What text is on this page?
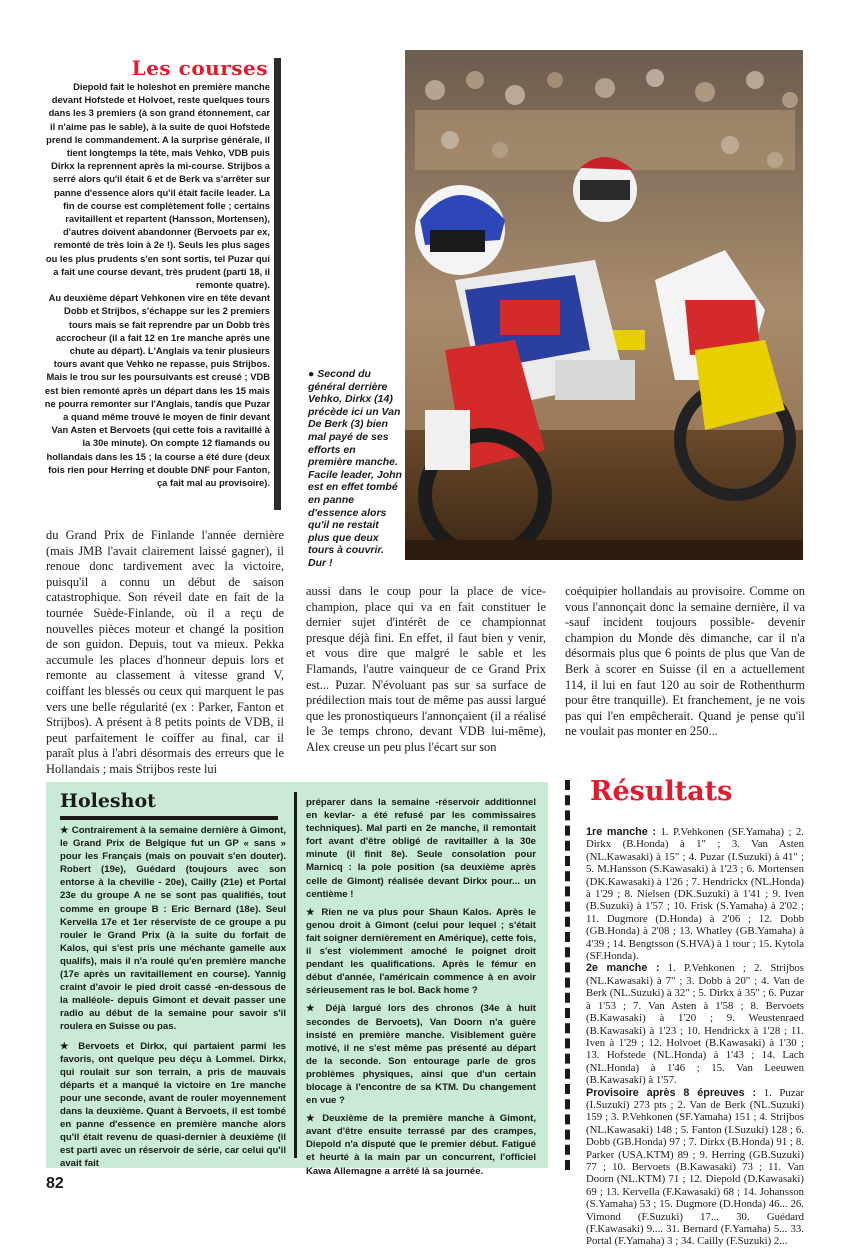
Les courses

Diepold fait le holeshot en première manche devant Hofstede et Holvoet, reste quelques tours dans les 3 premiers (à son grand étonnement, car il n'aime pas le sable), à la suite de quoi Hofstede prend le commandement. A la surprise générale, il tient longtemps la tête, mais Vehko, VDB puis Dirkx la reprennent après la mi-course. Strijbos a serré alors qu'il était 6 et de Berk va s'arrêter sur panne d'essence alors qu'il était facile leader. La fin de course est complètement folle ; certains ravitaillent et repartent (Hansson, Mortensen), d'autres doivent abandonner (Bervoets par ex, remonté de très loin à 2e !). Seuls les plus sages ou les plus prudents s'en sont sortis, tel Puzar qui a fait une course devant, très prudent (parti 18, il remonte quatre).

Au deuxième départ Vehkonen vire en tête devant Dobb et Strijbos, s'échappe sur les 2 premiers tours mais se fait reprendre par un Dobb très accrocheur (il a fait 12 en 1re manche après une chute au départ). L'Anglais va tenir plusieurs tours avant que Vehko ne repasse, puis Strijbos. Mais le trou sur les poursuivants est creusé ; VDB est bien remonté après un départ dans les 15 mais ne pourra remonter sur l'Anglais, tandis que Puzar a quand même trouvé le moyen de finir devant Van Asten et Bervoets (qui cette fois a ravitaillé à la 30e minute). On compte 12 flamands ou hollandais dans les 15 ; la course a été dure (deux fois rien pour Herring et double DNF pour Fanton, ça fait mal au provisoire).

● Second du général derrière Vehko, Dirkx (14) précède ici un Van De Berk (3) bien mal payé de ses efforts en première manche. Facile leader, John est en effet tombé en panne d'essence alors qu'il ne restait plus que deux tours à couvrir. Dur !
du Grand Prix de Finlande l'année dernière (mais JMB l'avait clairement laissé gagner), il renoue donc tardivement avec la victoire, puisqu'il a connu un début de saison catastrophique. Son réveil date en fait de la tournée Suède-Finlande, où il a reçu de nouvelles pièces moteur et changé la position de son guidon. Depuis, tout va mieux. Pekka accumule les places d'honneur depuis lors et remonte au classement à vitesse grand V, coiffant les blessés ou ceux qui marquent le pas vers une belle régularité (ex : Parker, Fanton et Strijbos). A présent à 8 petits points de VDB, il peut parfaitement le coiffer au final, car il paraît plus à l'abri désormais des erreurs que le Hollandais ; mais Strijbos reste lui
aussi dans le coup pour la place de vice-champion, place qui va en fait constituer le dernier sujet d'intérêt de ce championnat presque déjà fini. En effet, il faut bien y venir, et vous dire que malgré le sable et les Flamands, l'autre vainqueur de ce Grand Prix est... Puzar. N'évoluant pas sur sa surface de prédilection mais tout de même pas aussi largué que les pronostiqueurs l'annonçaient (il a réalisé le 3e temps chrono, devant VDB lui-même), Alex creuse un peu plus l'écart sur son
coéquipier hollandais au provisoire. Comme on vous l'annonçait donc la semaine dernière, il va -sauf incident toujours possible- devenir champion du Monde dès dimanche, car il n'a désormais plus que 6 points de plus que Van de Berk à scorer en Suisse (il en a actuellement 114, il lui en faut 120 au soir de Rothenthurm pour être tranquille). Et franchement, je ne vois pas qui l'en empêcherait. Quand je pense qu'il ne voulait pas monter en 250...
Holeshot

★ Contrairement à la semaine dernière à Gimont, le Grand Prix de Belgique fut un GP « sans » pour les Français (mais on pouvait s'en douter). Robert (19e), Guédard (toujours avec son entorse à la cheville - 20e), Cailly (21e) et Portal 23e du groupe A ne se sont pas qualifiés, tout comme en groupe B : Eric Bernard (18e). Seul Kervella 17e et 1er réserviste de ce groupe a pu rouler le Grand Prix (à la suite du forfait de Kalos, qui s'est pris une méchante gamelle aux qualifs), mais il n'a roulé qu'en première manche (17e après un ravitaillement en course). Yannig craint d'avoir le pied droit cassé -en-dessous de la malléole- depuis Gimont et devait passer une radio au début de la semaine pour savoir s'il roulera en Suisse ou pas.

★ Bervoets et Dirkx, qui partaient parmi les favoris, ont quelque peu déçu à Lommel. Dirkx, qui roulait sur son terrain, a pris de mauvais départs et a manqué la victoire en 1re manche pour une seconde, avant de rouler moyennement dans la deuxième. Quant à Bervoets, il est tombé en panne d'essence en première manche alors qu'il était revenu de quasi-dernier à deuxième (il est parti avec un réservoir de série, car celui qu'il avait fait

préparer dans la semaine -réservoir additionnel en kevlar- a été refusé par les commissaires techniques). Mal parti en 2e manche, il remontait fort avant d'être obligé de ravitailler à la 30e minute (il finit 8e). Seule consolation pour Marnicq : la pole position (sa deuxième après celle de Gimont) réalisée devant Dirkx pour... un centième !

★ Rien ne va plus pour Shaun Kalos. Après le genou droit à Gimont (celui pour lequel ; s'était fait soigner dernièrement en Amérique), cette fois, il s'est violemment amoché le poignet droit pendant les qualifications. Après le fémur en début d'année, l'américain commence à en avoir sérieusement ras le bol. Back home ?

★ Déjà largué lors des chronos (34e à huit secondes de Bervoets), Van Doorn n'a guère insisté en première manche. Visiblement guère motivé, il ne s'est même pas présenté au départ de la seconde. Son entourage parle de gros problèmes physiques, ainsi que d'un certain blocage à l'encontre de sa KTM. Du changement en vue ?

★ Deuxième de la première manche à Gimont, avant d'être ensuite terrassé par des crampes, Diepold n'a disputé que le premier début. Fatigué et heurté à la main par un concurrent, l'officiel Kawa Allemagne a arrêté là sa journée.

Résultats

1re manche : 1. P.Vehkonen (SF.Yamaha) ; 2. Dirkx (B.Honda) à 1" ; 3. Van Asten (NL.Kawasaki) à 15" ; 4. Puzar (I.Suzuki) à 41" ; 5. M.Hansson (S.Kawasaki) à 1'23 ; 6. Mortensen (DK.Kawasaki) à 1'26 ; 7. Hendrickx (NL.Honda) à 1'29 ; 8. Nielsen (DK.Suzuki) à 1'41 ; 9. Iven (B.Suzuki) à 1'57 ; 10. Frisk (S.Yamaha) à 2'02 ; 11. Dugmore (D.Honda) à 2'06 ; 12. Dobb (GB.Honda) à 2'08 ; 13. Whatley (GB.Yamaha) à 4'39 ; 14. Bengtsson (S.HVA) à 1 tour ; 15. Kytola (SF.Honda).

2e manche : 1. P.Vehkonen ; 2. Strijbos (NL.Kawasaki) à 7" ; 3. Dobb à 20" ; 4. Van de Berk (NL.Suzuki) à 32" ; 5. Dirkx à 35" ; 6. Puzar à 1'53 ; 7. Van Asten à 1'58 ; 8. Bervoets (B.Kawasaki) à 1'20 ; 9. Weustenraed (B.Kawasaki) à 1'23 ; 10. Hendrickx à 1'28 ; 11. Iven à 1'29 ; 12. Holvoet (B.Kawasaki) à 1'30 ; 13. Hofstede (NL.Honda) à 1'43 ; 14. Lach (NL.Honda) à 1'46 ; 15. Van Leeuwen (B.Kawasaki) à 1'57.

Provisoire après 8 épreuves : 1. Puzar (I.Suzuki) 273 pts ; 2. Van de Berk (NL.Suzuki) 159 ; 3. P.Vehkonen (SF.Yamaha) 151 ; 4. Strijbos (NL.Kawasaki) 148 ; 5. Fanton (I.Suzuki) 128 ; 6. Dobb (GB.Honda) 97 ; 7. Dirkx (B.Honda) 91 ; 8. Parker (USA.KTM) 89 ; 9. Herring (GB.Suzuki) 77 ; 10. Bervoets (B.Kawasaki) 73 ; 11. Van Doorn (NL.KTM) 71 ; 12. Diepold (D.Kawasaki) 69 ; 13. Kervella (F.Kawasaki) 68 ; 14. Johansson (S.Yamaha) 53 ; 15. Dugmore (D.Honda) 46... 26. Vimond (F.Suzuki) 17... 30. Guédard (F.Kawasaki) 9.... 31. Bernard (F.Yamaha) 5... 33. Portal (F.Yamaha) 3 ; 34. Cailly (F.Suzuki) 2...

82
